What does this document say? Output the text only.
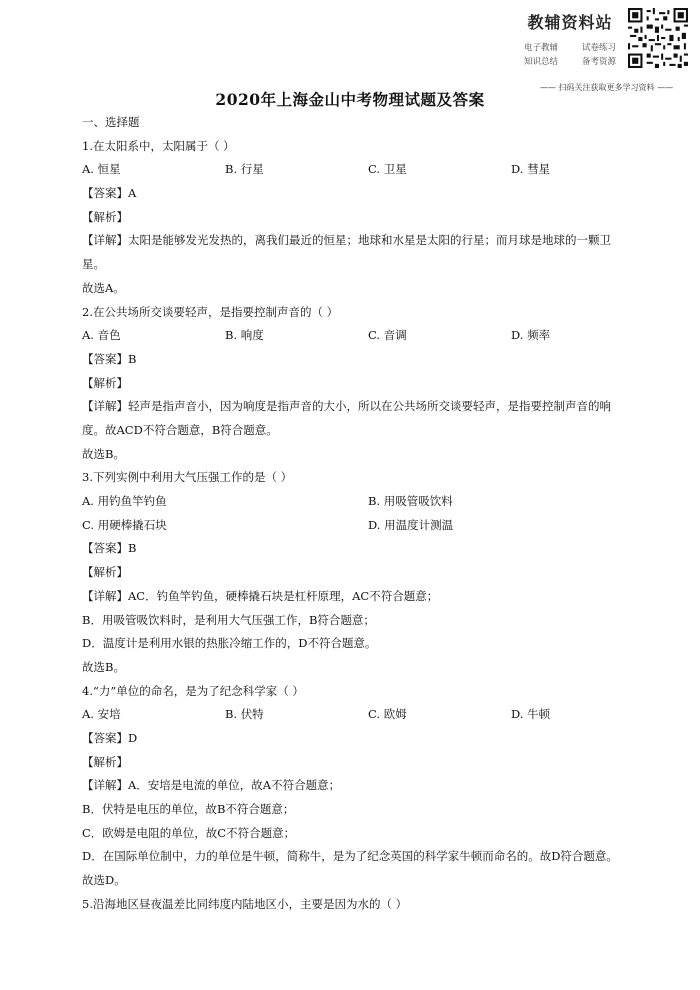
教辅资料站
电子教辅	试卷练习
知识总结	备考资源
—— 扫码关注获取更多学习资料 ——
2020年上海金山中考物理试题及答案
一、选择题
1.在太阳系中，太阳属于（ ）
A. 恒星	B. 行星	C. 卫星	D. 彗星
【答案】A
【解析】
【详解】太阳是能够发光发热的，离我们最近的恒星；地球和水星是太阳的行星；而月球是地球的一颗卫星。
故选A。
2.在公共场所交谈要轻声，是指要控制声音的（ ）
A. 音色	B. 响度	C. 音调	D. 频率
【答案】B
【解析】
【详解】轻声是指声音小，因为响度是指声音的大小，所以在公共场所交谈要轻声，是指要控制声音的响度。故ACD不符合题意，B符合题意。
故选B。
3.下列实例中利用大气压强工作的是（ ）
A. 用钓鱼竿钓鱼	B. 用吸管吸饮料
C. 用硬棒撬石块	D. 用温度计测温
【答案】B
【解析】
【详解】AC．钓鱼竿钓鱼，硬棒撬石块是杠杆原理，AC不符合题意；
B．用吸管吸饮料时，是利用大气压强工作，B符合题意；
D．温度计是利用水银的热胀冷缩工作的，D不符合题意。
故选B。
4.“力”单位的命名，是为了纪念科学家（ ）
A. 安培	B. 伏特	C. 欧姆	D. 牛顿
【答案】D
【解析】
【详解】A．安培是电流的单位，故A不符合题意；
B．伏特是电压的单位，故B不符合题意；
C．欧姆是电阻的单位，故C不符合题意；
D．在国际单位制中，力的单位是牛顿，简称牛，是为了纪念英国的科学家牛顿而命名的。故D符合题意。
故选D。
5.沿海地区昼夜温差比同纬度内陆地区小，主要是因为水的（ ）
